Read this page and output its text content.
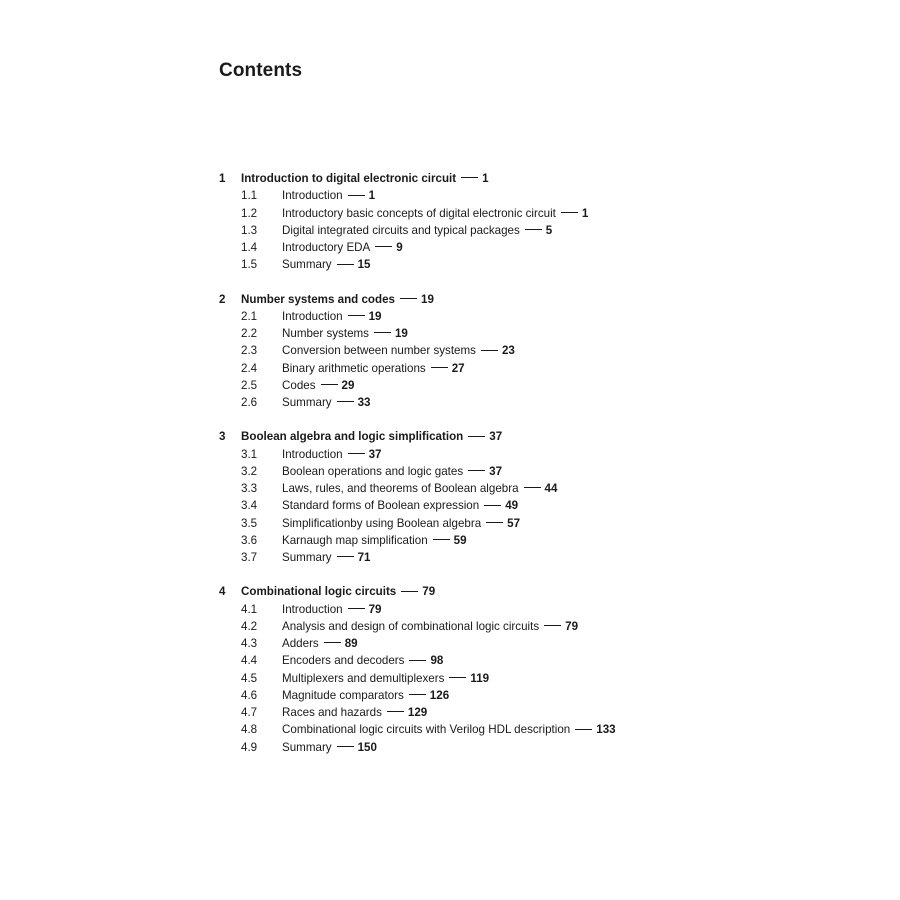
Contents
1 Introduction to digital electronic circuit 1
1.1 Introduction 1
1.2 Introductory basic concepts of digital electronic circuit 1
1.3 Digital integrated circuits and typical packages 5
1.4 Introductory EDA 9
1.5 Summary 15
2 Number systems and codes 19
2.1 Introduction 19
2.2 Number systems 19
2.3 Conversion between number systems 23
2.4 Binary arithmetic operations 27
2.5 Codes 29
2.6 Summary 33
3 Boolean algebra and logic simplification 37
3.1 Introduction 37
3.2 Boolean operations and logic gates 37
3.3 Laws, rules, and theorems of Boolean algebra 44
3.4 Standard forms of Boolean expression 49
3.5 Simplificationby using Boolean algebra 57
3.6 Karnaugh map simplification 59
3.7 Summary 71
4 Combinational logic circuits 79
4.1 Introduction 79
4.2 Analysis and design of combinational logic circuits 79
4.3 Adders 89
4.4 Encoders and decoders 98
4.5 Multiplexers and demultiplexers 119
4.6 Magnitude comparators 126
4.7 Races and hazards 129
4.8 Combinational logic circuits with Verilog HDL description 133
4.9 Summary 150
